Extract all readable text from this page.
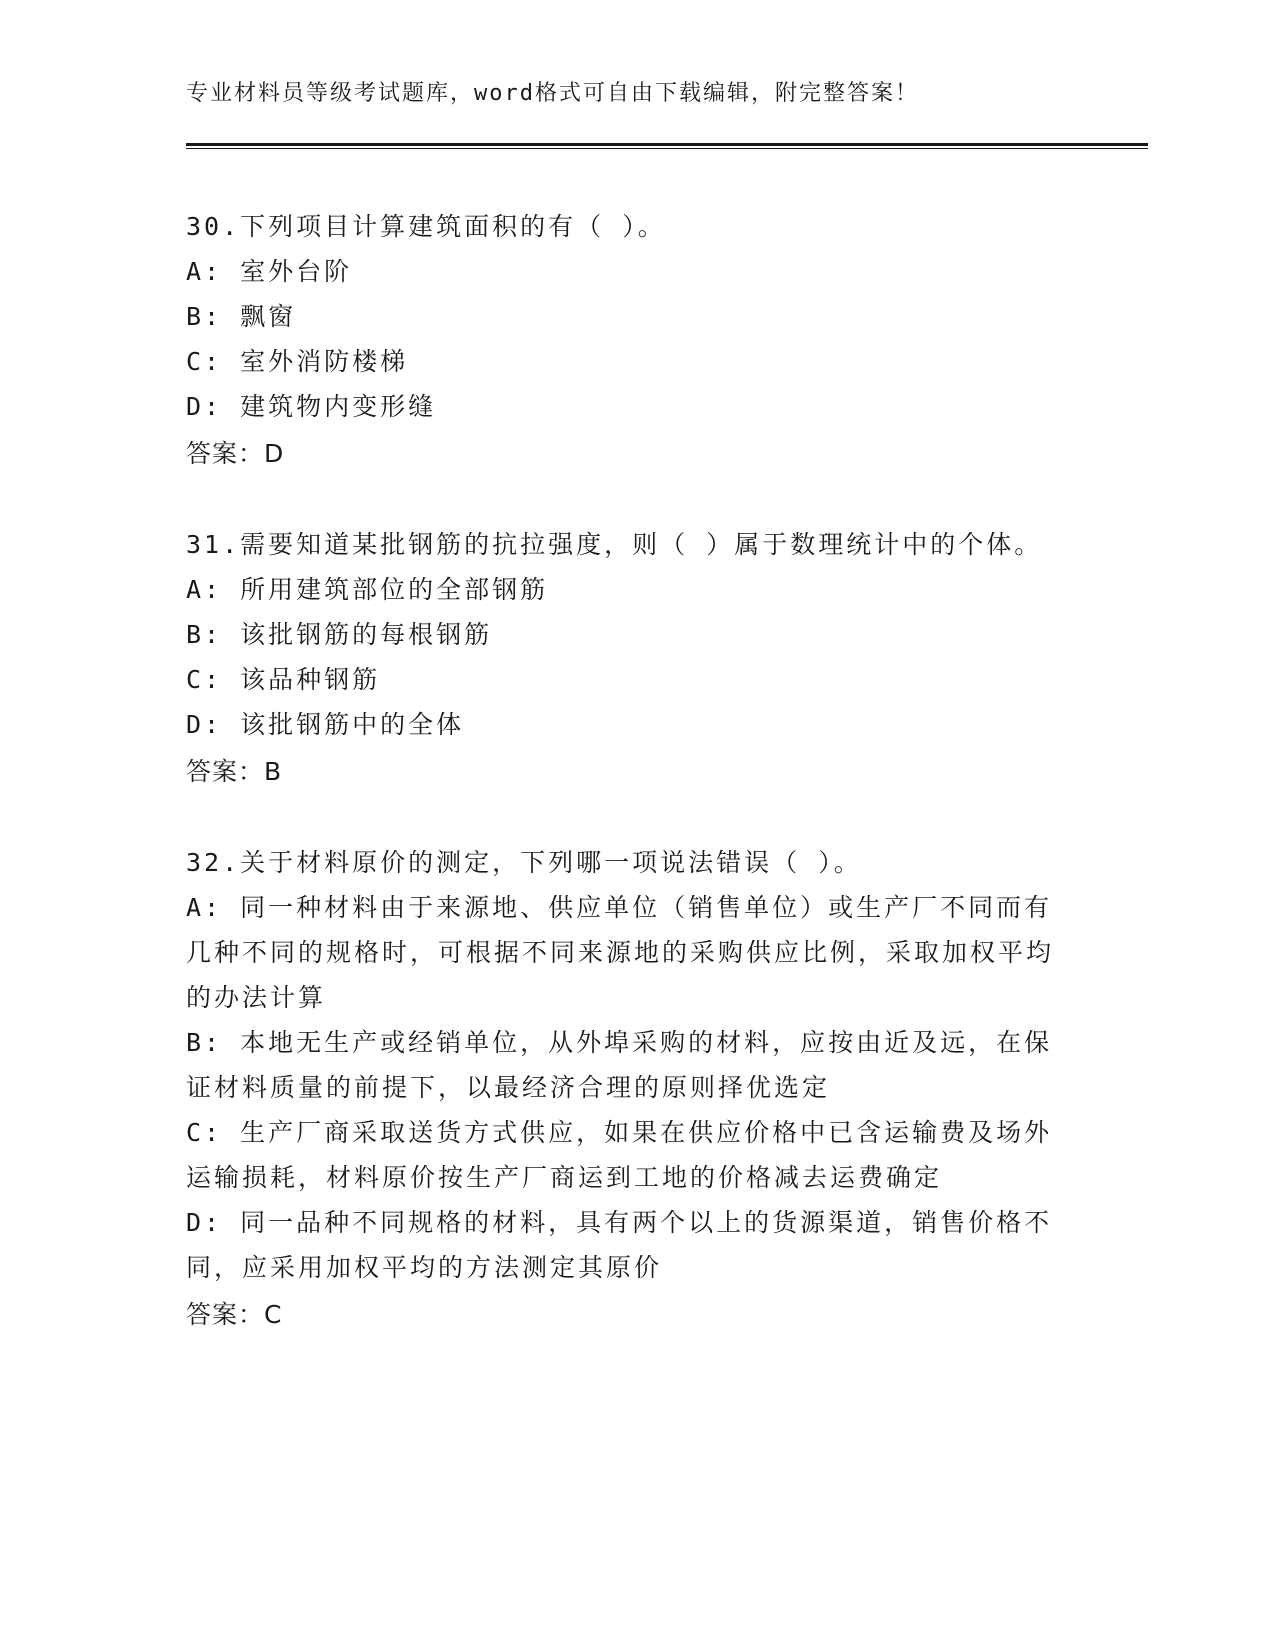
专业材料员等级考试题库，word格式可自由下载编辑，附完整答案！
30.下列项目计算建筑面积的有（ ）。
A: 室外台阶
B: 飘窗
C: 室外消防楼梯
D: 建筑物内变形缝
答案：D
31.需要知道某批钢筋的抗拉强度，则（ ）属于数理统计中的个体。
A: 所用建筑部位的全部钢筋
B: 该批钢筋的每根钢筋
C: 该品种钢筋
D: 该批钢筋中的全体
答案：B
32.关于材料原价的测定，下列哪一项说法错误（ ）。
A: 同一种材料由于来源地、供应单位（销售单位）或生产厂不同而有几种不同的规格时，可根据不同来源地的采购供应比例，采取加权平均的办法计算
B: 本地无生产或经销单位，从外埠采购的材料，应按由近及远，在保证材料质量的前提下，以最经济合理的原则择优选定
C: 生产厂商采取送货方式供应，如果在供应价格中已含运输费及场外运输损耗，材料原价按生产厂商运到工地的价格减去运费确定
D: 同一品种不同规格的材料，具有两个以上的货源渠道，销售价格不同，应采用加权平均的方法测定其原价
答案：C
